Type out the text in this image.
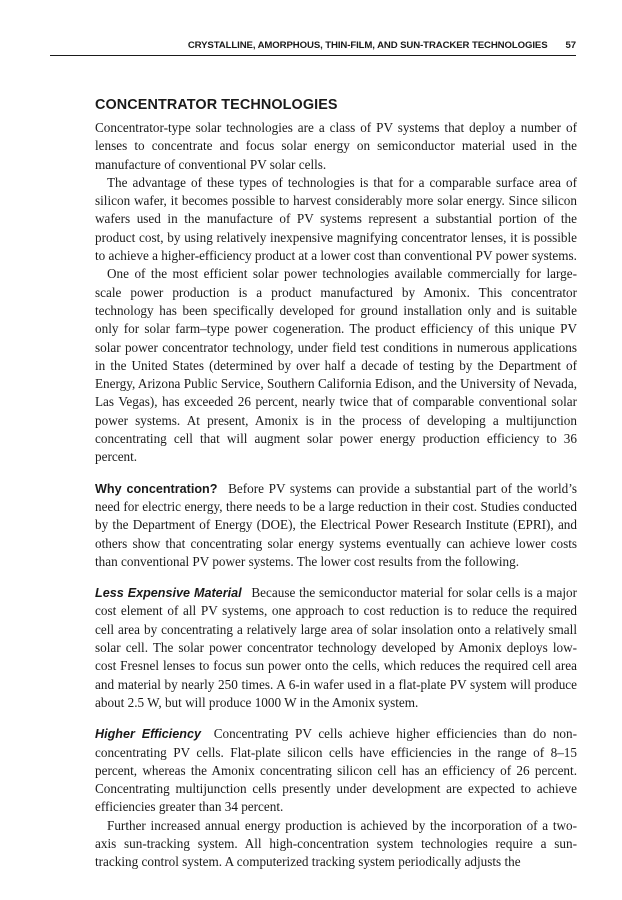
CRYSTALLINE, AMORPHOUS, THIN-FILM, AND SUN-TRACKER TECHNOLOGIES 57
CONCENTRATOR TECHNOLOGIES

Concentrator-type solar technologies are a class of PV systems that deploy a number of lenses to concentrate and focus solar energy on semiconductor material used in the manufacture of conventional PV solar cells.

The advantage of these types of technologies is that for a comparable surface area of silicon wafer, it becomes possible to harvest considerably more solar energy. Since silicon wafers used in the manufacture of PV systems represent a substantial portion of the product cost, by using relatively inexpensive magnifying concentrator lenses, it is possible to achieve a higher-efficiency product at a lower cost than conventional PV power systems.

One of the most efficient solar power technologies available commercially for large-scale power production is a product manufactured by Amonix. This concentrator technology has been specifically developed for ground installation only and is suitable only for solar farm–type power cogeneration. The product efficiency of this unique PV solar power concentrator technology, under field test conditions in numerous applications in the United States (determined by over half a decade of testing by the Department of Energy, Arizona Public Service, Southern California Edison, and the University of Nevada, Las Vegas), has exceeded 26 percent, nearly twice that of comparable conventional solar power systems. At present, Amonix is in the process of developing a multijunction concentrating cell that will augment solar power energy production efficiency to 36 percent.

Why concentration? Before PV systems can provide a substantial part of the world’s need for electric energy, there needs to be a large reduction in their cost. Studies conducted by the Department of Energy (DOE), the Electrical Power Research Institute (EPRI), and others show that concentrating solar energy systems eventually can achieve lower costs than conventional PV power systems. The lower cost results from the following.

Less Expensive Material Because the semiconductor material for solar cells is a major cost element of all PV systems, one approach to cost reduction is to reduce the required cell area by concentrating a relatively large area of solar insolation onto a relatively small solar cell. The solar power concentrator technology developed by Amonix deploys low-cost Fresnel lenses to focus sun power onto the cells, which reduces the required cell area and material by nearly 250 times. A 6-in wafer used in a flat-plate PV system will produce about 2.5 W, but will produce 1000 W in the Amonix system.

Higher Efficiency Concentrating PV cells achieve higher efficiencies than do non-concentrating PV cells. Flat-plate silicon cells have efficiencies in the range of 8–15 percent, whereas the Amonix concentrating silicon cell has an efficiency of 26 percent. Concentrating multijunction cells presently under development are expected to achieve efficiencies greater than 34 percent.

Further increased annual energy production is achieved by the incorporation of a two-axis sun-tracking system. All high-concentration system technologies require a sun-tracking control system. A computerized tracking system periodically adjusts the
